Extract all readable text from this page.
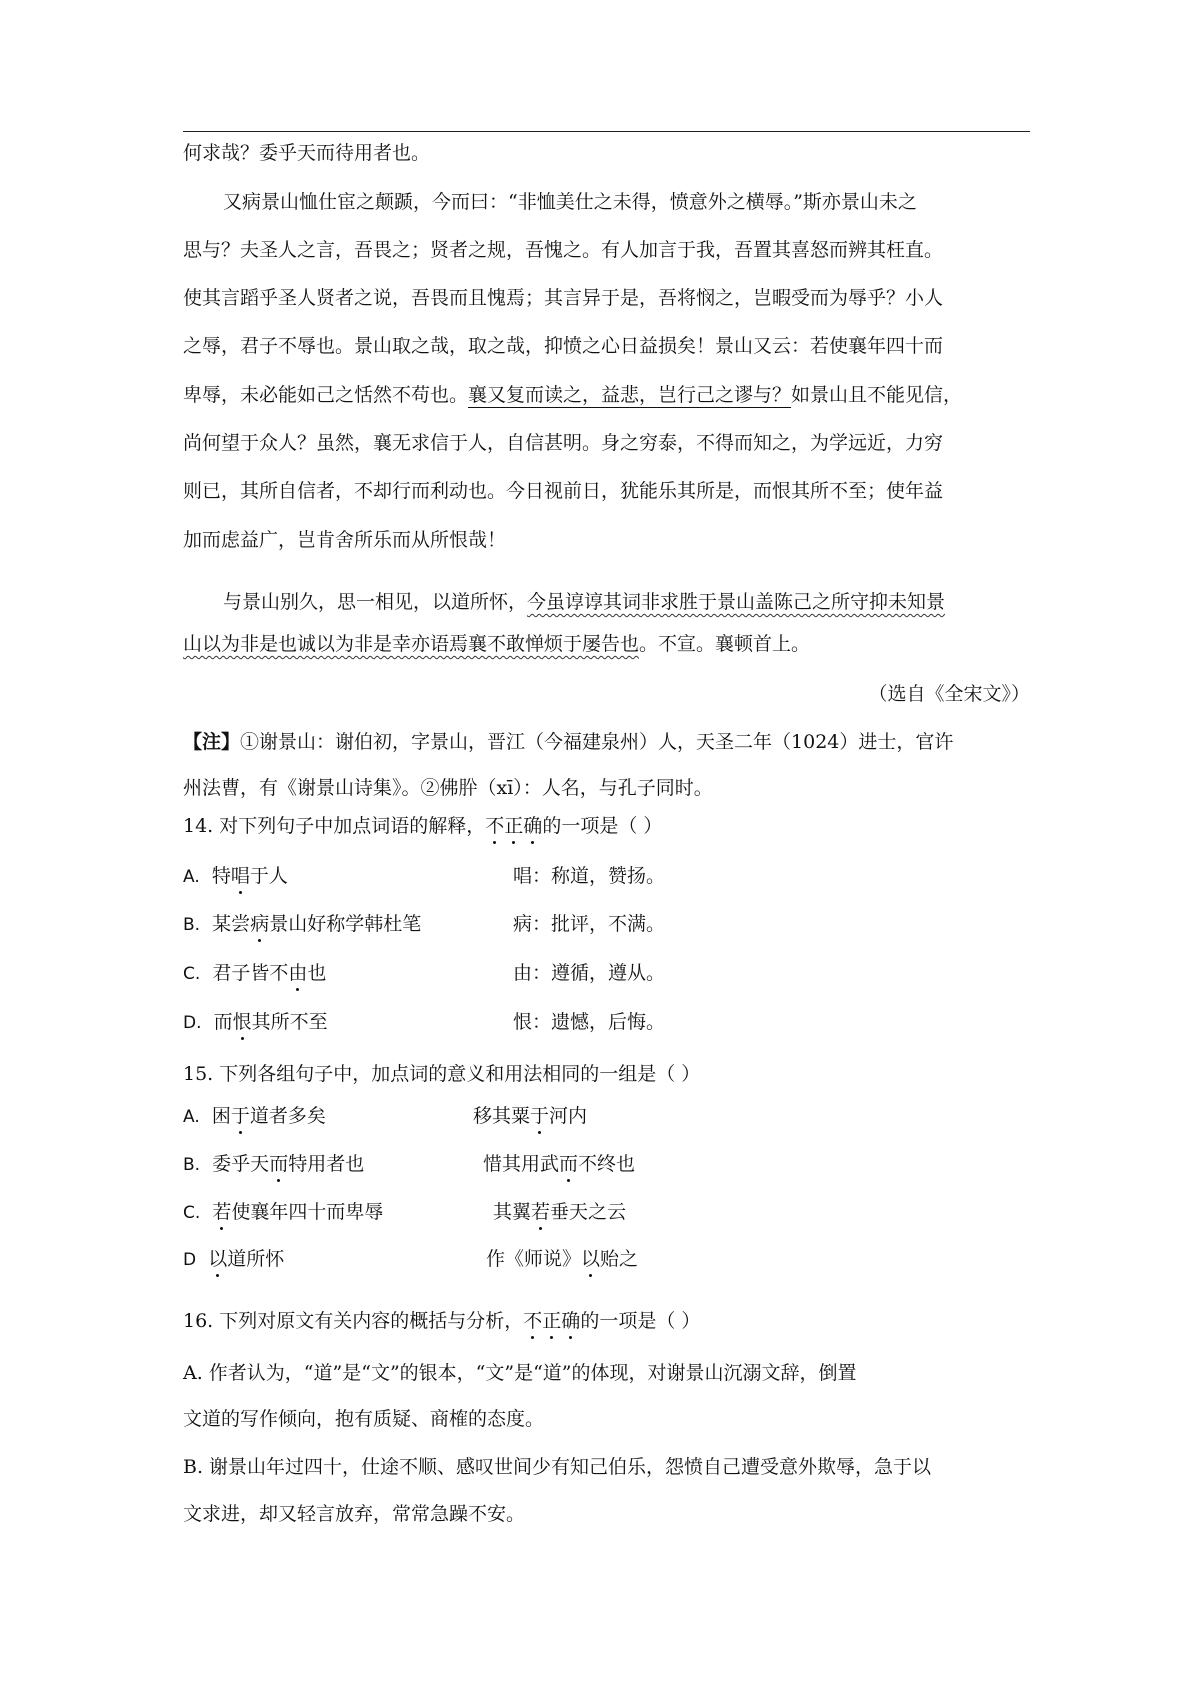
何求哉？委乎天而待用者也。
又病景山恤仕宦之颠踬，今而曰：“非恤美仕之未得，愤意外之横辱。”斯亦景山未之
思与？夫圣人之言，吾畏之；贤者之规，吾愧之。有人加言于我，吾置其喜怒而辨其枉直。
使其言蹈乎圣人贤者之说，吾畏而且愧焉；其言异于是，吾将悯之，岂暇受而为辱乎？小人
之辱，君子不辱也。景山取之哉，取之哉，抑愤之心日益损矣！景山又云：若使襄年四十而
卑辱，未必能如己之恬然不苟也。襄又复而读之，益悲，岂行己之谬与？如景山且不能见信，
尚何望于众人？虽然，襄无求信于人，自信甚明。身之穷泰，不得而知之，为学远近，力穷
则已，其所自信者，不却行而利动也。今日视前日，犹能乐其所是，而恨其所不至；使年益
加而虑益广，岂肯舍所乐而从所恨哉！
与景山别久，思一相见，以道所怀，今虽谆谆其词非求胜于景山盖陈己之所守抑未知景
山以为非是也诚以为非是幸亦语焉襄不敢惮烦于屡告也。不宣。襄顿首上。
（选自《全宋文》）
【注】①谢景山：谢伯初，字景山，晋江（今福建泉州）人，天圣二年（1024）进士，官许
州法曹，有《谢景山诗集》。②佛肸（xī）：人名，与孔子同时。
14. 对下列句子中加点词语的解释，不正确的一项是（ ）
A. 特唱于人	唱：称道，赞扬。
B. 某尝病景山好称学韩杜笔	病：批评，不满。
C. 君子皆不由也	由：遵循，遵从。
D. 而恨其所不至	恨：遗憾，后悔。
15. 下列各组句子中，加点词的意义和用法相同的一组是（ ）
A. 困于道者多矣	移其粟于河内
B. 委乎天而特用者也	惜其用武而不终也
C. 若使襄年四十而卑辱	其翼若垂天之云
D 以道所怀	作《师说》以贻之
16. 下列对原文有关内容的概括与分析，不正确的一项是（ ）
A. 作者认为，“道”是“文”的银本，“文”是“道”的体现，对谢景山沉溺文辞，倒置
文道的写作倾向，抱有质疑、商榷的态度。
B. 谢景山年过四十，仕途不顺、感叹世间少有知己伯乐，怨愤自己遭受意外欺辱，急于以
文求进，却又轻言放弃，常常急躁不安。
